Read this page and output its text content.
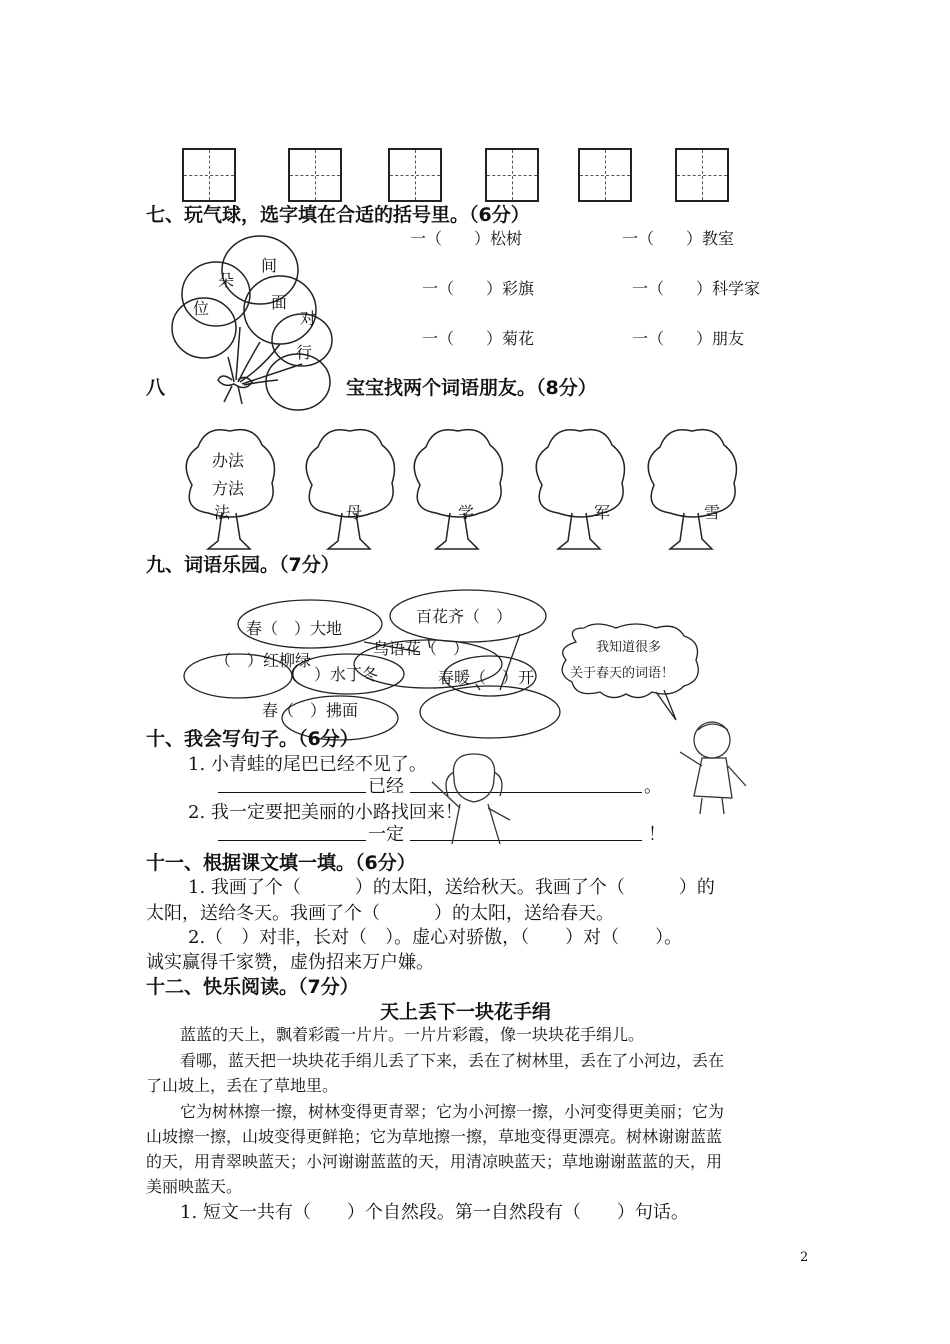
七、玩气球，选字填在合适的括号里。（6分）
朵
间
位	面
对
行
一（　　）松树	一（　　）教室
一（　　）彩旗	一（　　）科学家
一（　　）菊花	一（　　）朋友
八	宝宝找两个词语朋友。（8分）
办法
方法
法	母	学	军	雪
九、词语乐园。（7分）
百花齐（　）
春（　）大地
鸟语花（　）
（　）红柳绿
（　）水丁冬	春暖（　）开
春（　）拂面
我知道很多
关于春天的词语！
十、我会写句子。（6分）
1. 小青蛙的尾巴已经不见了。
已经	。
2. 我一定要把美丽的小路找回来！
一定	！
十一、根据课文填一填。（6分）
1. 我画了个（　　　）的太阳，送给秋天。我画了个（　　　）的
太阳，送给冬天。我画了个（　　　）的太阳，送给春天。
2.（　）对非，长对（　）。虚心对骄傲，（　　）对（　　）。
诚实赢得千家赞，虚伪招来万户嫌。
十二、快乐阅读。（7分）
天上丢下一块花手绢
蓝蓝的天上，飘着彩霞一片片。一片片彩霞，像一块块花手绢儿。
看哪，蓝天把一块块花手绢儿丢了下来，丢在了树林里，丢在了小河边，丢在
了山坡上，丢在了草地里。
它为树林擦一擦，树林变得更青翠；它为小河擦一擦，小河变得更美丽；它为
山坡擦一擦，山坡变得更鲜艳；它为草地擦一擦，草地变得更漂亮。树林谢谢蓝蓝
的天，用青翠映蓝天；小河谢谢蓝蓝的天，用清凉映蓝天；草地谢谢蓝蓝的天，用
美丽映蓝天。
1. 短文一共有（　　）个自然段。第一自然段有（　　）句话。
2
